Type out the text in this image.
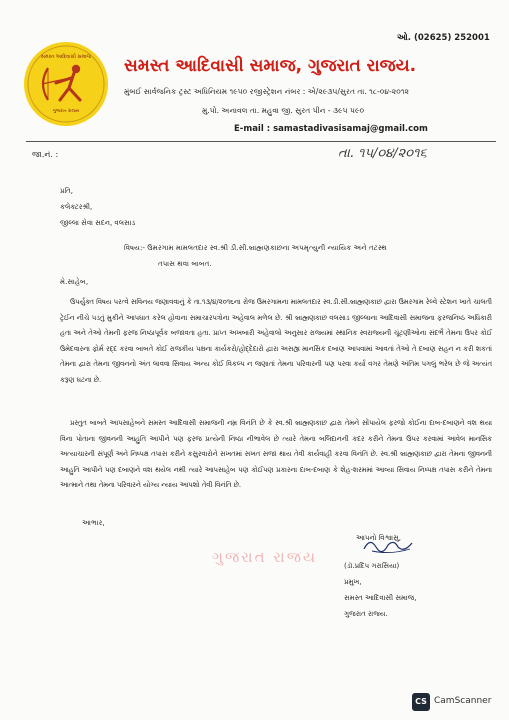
સમસ્ત આદિવાસી સમાજ
ગુજરાત રાજ્ય
ઓ. (02625) 252001
સમસ્ત આદિવાસી સમાજ, ગુજરાત રાજય.
મુંબઈ સાર્વજનિક ટ્રસ્ટ અધિનિયમ ૧૯૫૦ રજીસ્ટ્રેશન નંબર : એ/૨૯૩૫/સુરત તા. ૧૮-૦૪-૨૦૧૨
મુ.પો. અનાવલ તા. મહુવા જી. સુરત પીન - ૩૯૫ ૫૯૦
E-mail : samastadivasisamaj@gmail.com
જા.નં. :	તા. ૧૫/૦૪/૨૦૧૬
પ્રતિ,
કલેક્ટરશ્રી,
જીલ્લા સેવા સદન, વલસાડ
વિષય:- ઉમરગામ મામલતદાર સ્વ.શ્રી ડી.સી.બ્રાહ્મણકાછના અપમૃત્યુની ન્યાયિક અને તટસ્થ
તપાસ થવા બાબત.
મે.સાહેબ,
ઉપર્યુક્ત વિષય પરત્વે સવિનય જણાવવાનું કે તા.૧૩/૪/૨૦૧૬ના રોજ ઉમરગામના મામલતદાર સ્વ.ડી.સી.બ્રાહ્મણકાછ દ્વારા ઉમરગામ રેલ્વે સ્ટેશન ખાતે ચાલતી ટ્રેઈન નીચે પડતું મુકીને આપઘાત કરેલ હોવાના સમાચારપત્રોના અહેવાલ મળેલ છે. શ્રી બ્રાહ્મણકાછ વલસાડ જીલ્લાના આદિવાસી સમાજના ફરજનિષ્ઠ અધિકારી હતા અને તેઓ તેમની ફરજ નિષ્ઠાપૂર્વક બજાવતા હતા. પ્રાપ્ત અખબારી અહેવાલો અનુસાર રાજ્યમાં સ્થાનિક સ્વરાજ્યની ચૂંટણીઓના સંદર્ભે તેમના ઉપર કોઈ ઉમેદવારના ફોર્મ રદ્દ કરવા બાબતે કોઈ રાજકીય પક્ષના કાર્યકરો/હોદ્દેદારો દ્વારા અસહ્ય માનસિક દબાણ આપવામાં આવતાં તેઓ તે દબાણ સહન ન કરી શકતાં તેમના દ્વારા તેમના જીવનનો અંત લાવવા સિવાય અન્ય કોઈ વિકલ્પ ન જણાતાં તેમના પરિવારની પણ પરવા કર્યા વગર તેમણે અંતિમ પગલું ભરેલ છે જે અત્યંત કરૂણ ઘટના છે.
પ્રસ્તુત બાબતે આપસાહેબને સમસ્ત આદિવાસી સમાજની નમ્ર વિનંતિ છે કે સ્વ.શ્રી બ્રાહ્મણકાછ દ્વારા તેમને સોંપાયેલ ફરજો કોઈના દાબ-દબાણને વશ થયા વિના પોતાના જીવનની આહુતિ આપીને પણ ફરજ પ્રત્યેની નિષ્ઠા નીભાવેલ છે ત્યારે તેમના બલિદાનની કદર કરીને તેમના ઉપર કરવામાં આવેલ માનસિક અત્યાચારની સંપૂર્ણ અને નિષ્પક્ષ તપાસ કરીને કસુરવારોને સખતમાં સખત સજા થાય તેવી કાર્યવાહી કરવા વિનંતિ છે. સ્વ.શ્રી બ્રાહ્મણકાછ દ્વારા તેમના જીવનની આહુતિ આપીને પણ દબાણને વશ થયેલ નથી ત્યારે આપસાહેબ પણ કોઈપણ પ્રકારના દાબ-દબાણ કે શેહ-શરમમાં આવ્યા સિવાય નિષ્પક્ષ તપાસ કરીને તેમના આત્માને તથા તેમના પરિવારને યોગ્ય ન્યાય આપશો તેવી વિનંતિ છે.
આભાર,
ગુજરાત રાજય
આપનો વિશ્વાસુ,
(ડૉ.પ્રદિપ ગરાસિયા)
પ્રમુખ,
સમસ્ત આદિવાસી સમાજ,
ગુજરાત રાજ્ય.
CS CamScanner
